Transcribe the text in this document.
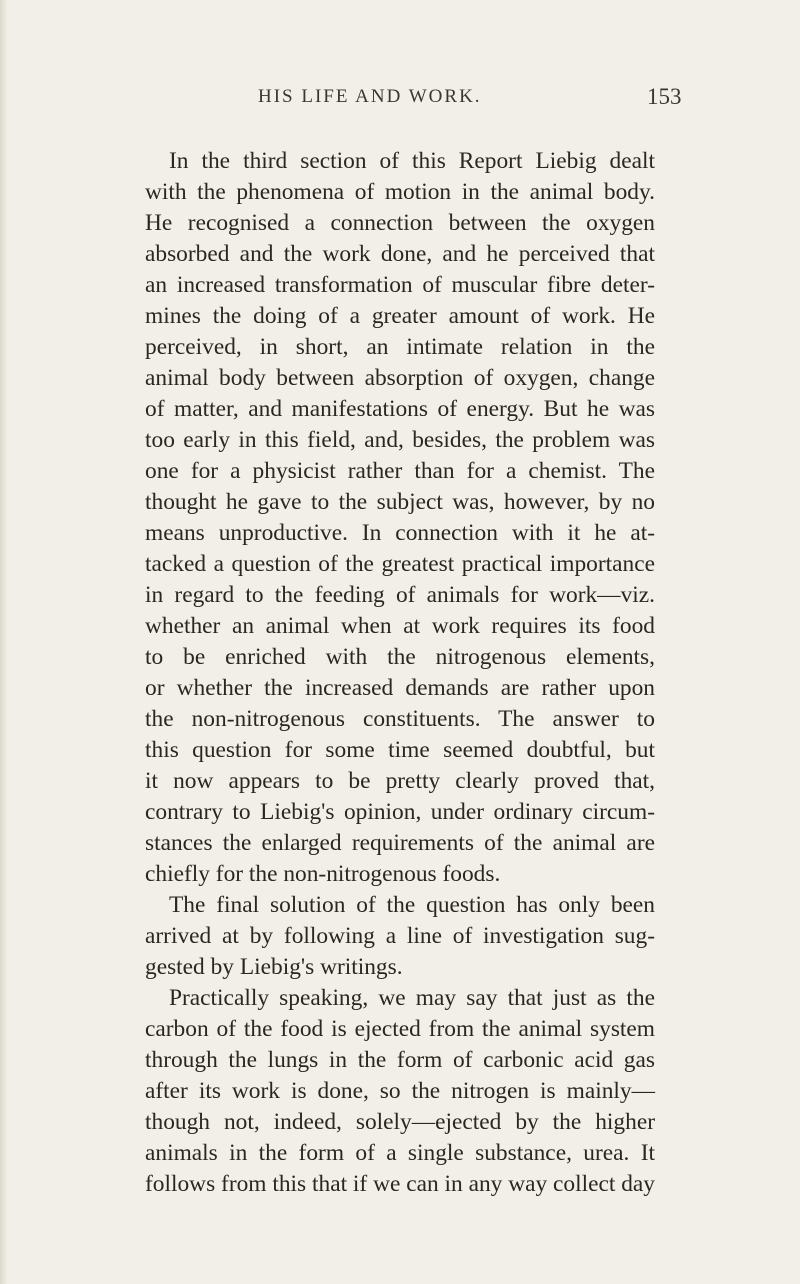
HIS LIFE AND WORK.	153
In the third section of this Report Liebig dealt
with the phenomena of motion in the animal body.
He recognised a connection between the oxygen
absorbed and the work done, and he perceived that
an increased transformation of muscular fibre deter-
mines the doing of a greater amount of work. He
perceived, in short, an intimate relation in the
animal body between absorption of oxygen, change
of matter, and manifestations of energy. But he was
too early in this field, and, besides, the problem was
one for a physicist rather than for a chemist. The
thought he gave to the subject was, however, by no
means unproductive. In connection with it he at-
tacked a question of the greatest practical importance
in regard to the feeding of animals for work—viz.
whether an animal when at work requires its food
to be enriched with the nitrogenous elements,
or whether the increased demands are rather upon
the non-nitrogenous constituents. The answer to
this question for some time seemed doubtful, but
it now appears to be pretty clearly proved that,
contrary to Liebig's opinion, under ordinary circum-
stances the enlarged requirements of the animal are
chiefly for the non-nitrogenous foods.
The final solution of the question has only been
arrived at by following a line of investigation sug-
gested by Liebig's writings.
Practically speaking, we may say that just as the
carbon of the food is ejected from the animal system
through the lungs in the form of carbonic acid gas
after its work is done, so the nitrogen is mainly—
though not, indeed, solely—ejected by the higher
animals in the form of a single substance, urea. It
follows from this that if we can in any way collect day
